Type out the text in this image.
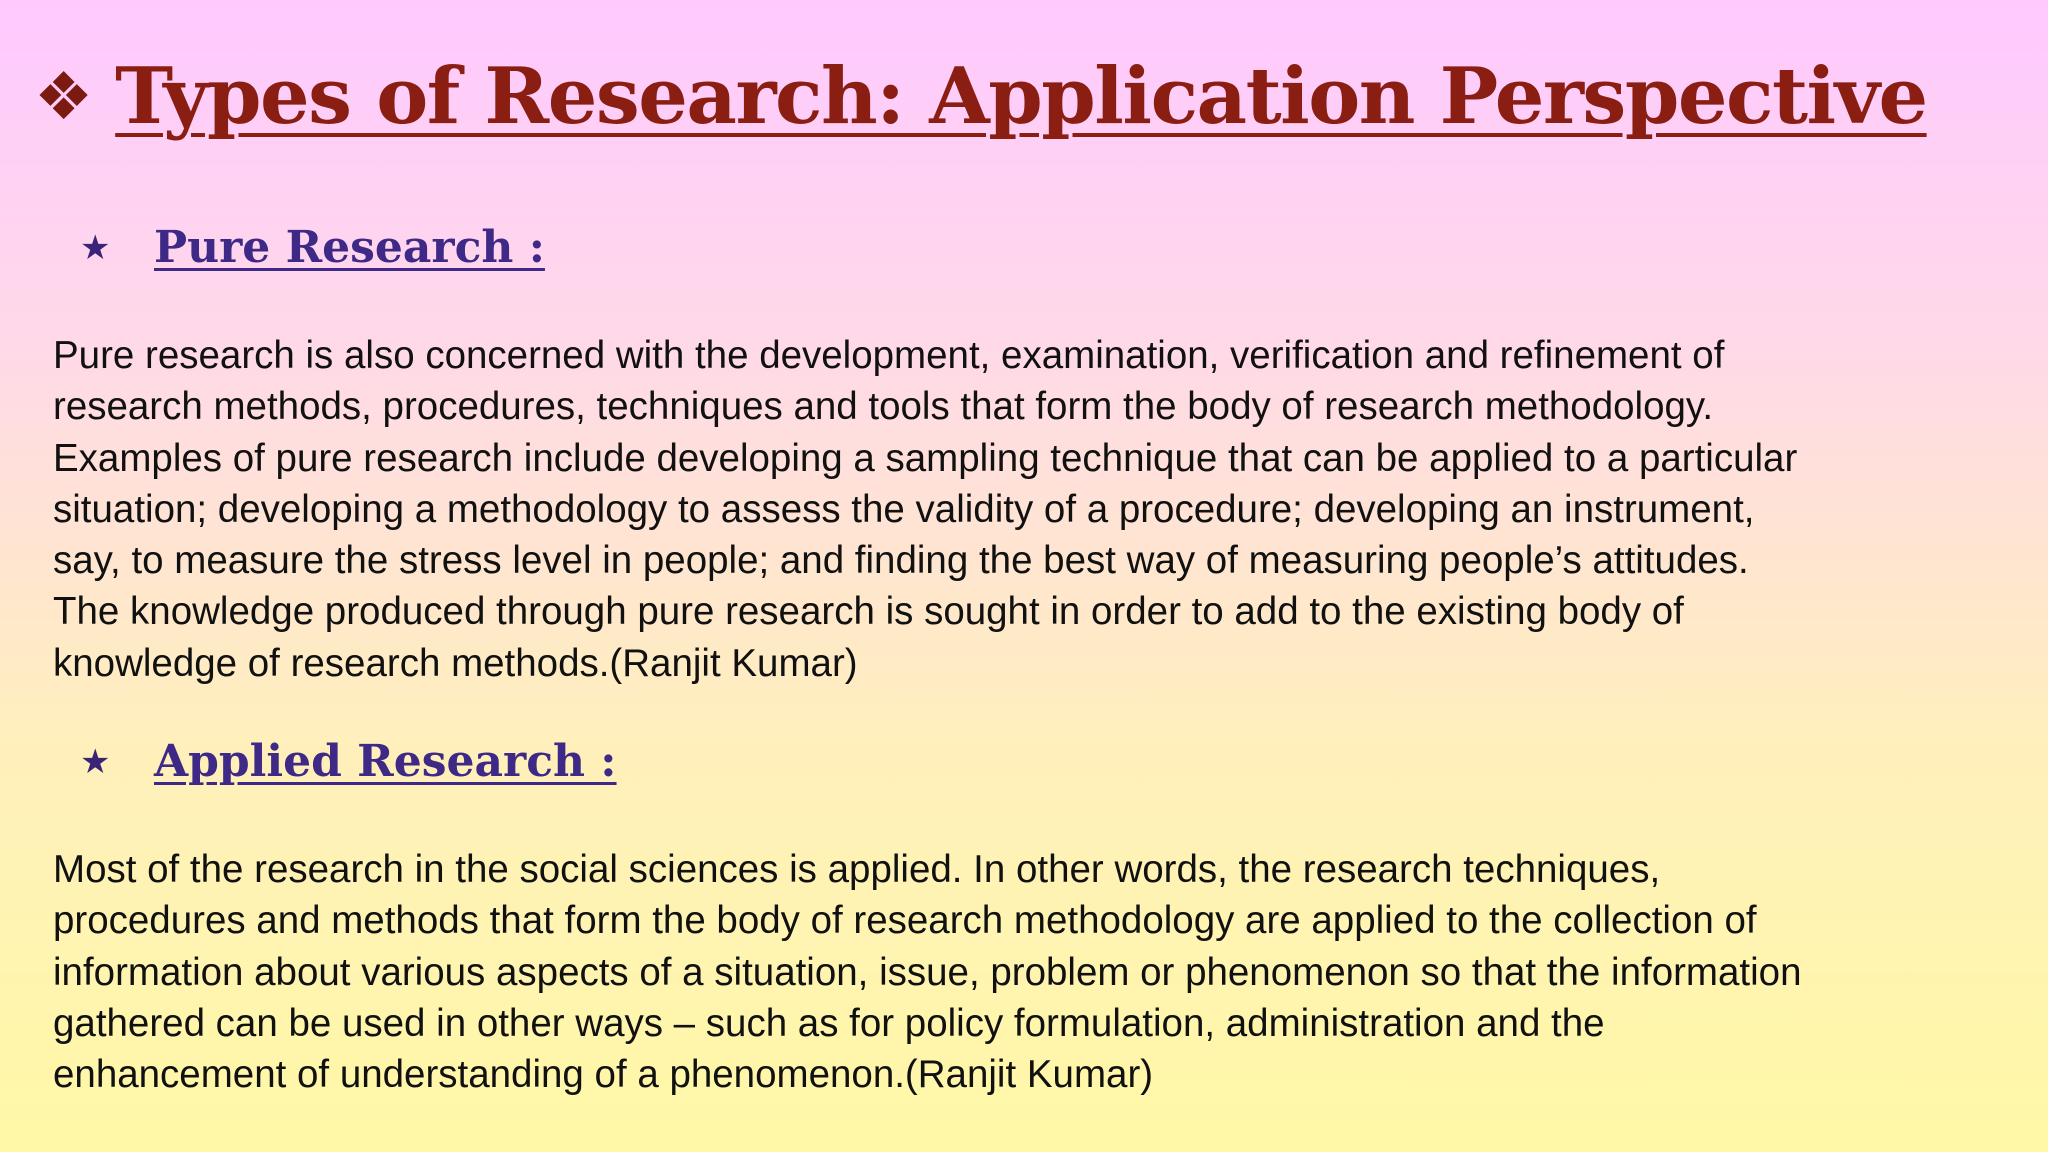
❖ Types of Research: Application Perspective
★ Pure Research :

Pure research is also concerned with the development, examination, verification and refinement of
research methods, procedures, techniques and tools that form the body of research methodology.
Examples of pure research include developing a sampling technique that can be applied to a particular
situation; developing a methodology to assess the validity of a procedure; developing an instrument,
say, to measure the stress level in people; and finding the best way of measuring people’s attitudes.
The knowledge produced through pure research is sought in order to add to the existing body of
knowledge of research methods.(Ranjit Kumar)

★ Applied Research :

Most of the research in the social sciences is applied. In other words, the research techniques,
procedures and methods that form the body of research methodology are applied to the collection of
information about various aspects of a situation, issue, problem or phenomenon so that the information
gathered can be used in other ways – such as for policy formulation, administration and the
enhancement of understanding of a phenomenon.(Ranjit Kumar)
